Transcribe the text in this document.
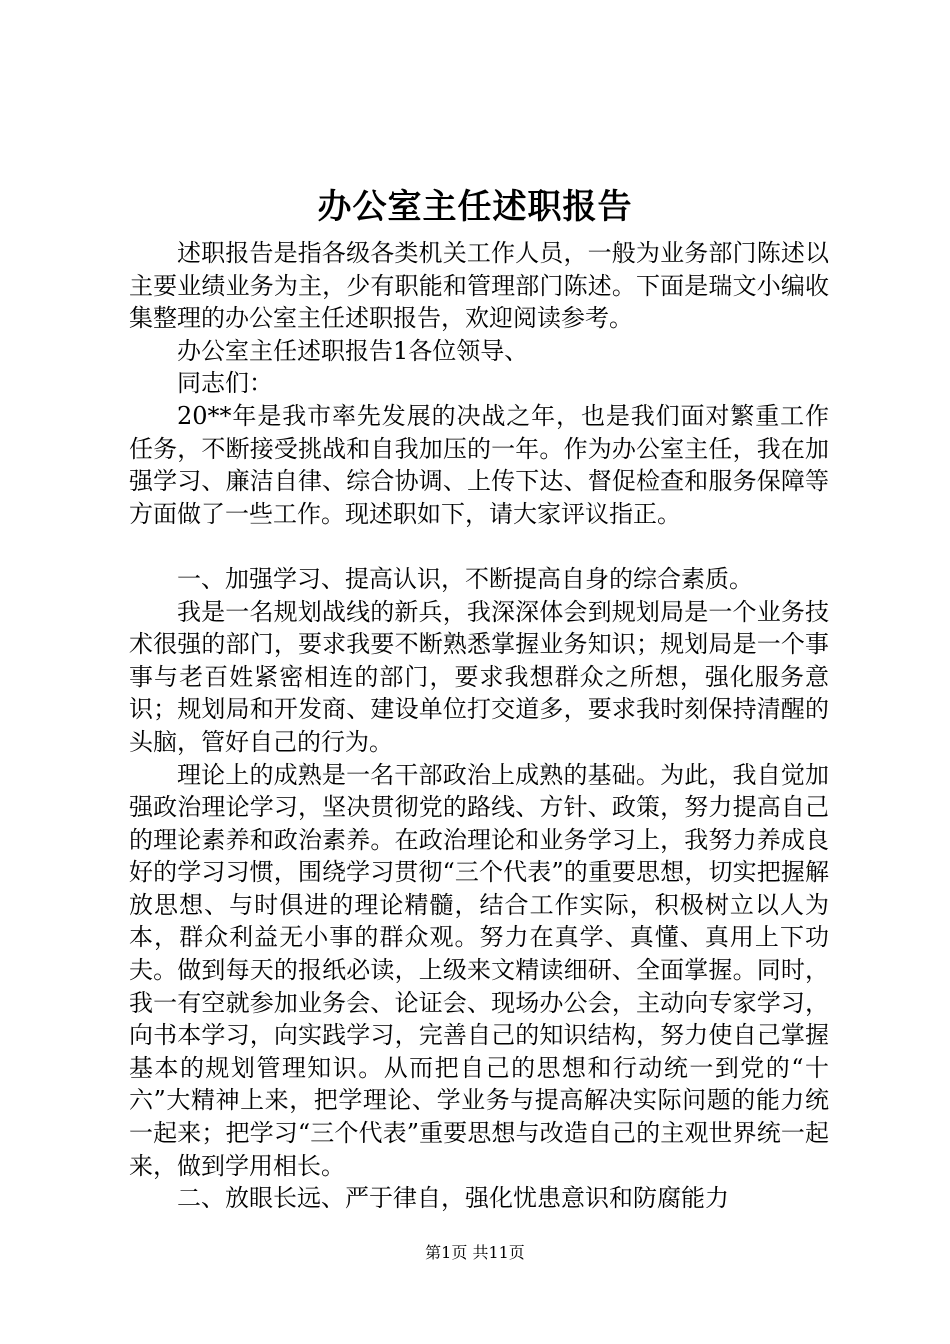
办公室主任述职报告

述职报告是指各级各类机关工作人员，一般为业务部门陈述以主要业绩业务为主，少有职能和管理部门陈述。下面是瑞文小编收集整理的办公室主任述职报告，欢迎阅读参考。

办公室主任述职报告1各位领导、

同志们：

20**年是我市率先发展的决战之年，也是我们面对繁重工作任务，不断接受挑战和自我加压的一年。作为办公室主任，我在加强学习、廉洁自律、综合协调、上传下达、督促检查和服务保障等方面做了一些工作。现述职如下，请大家评议指正。

一、加强学习、提高认识，不断提高自身的综合素质。

我是一名规划战线的新兵，我深深体会到规划局是一个业务技术很强的部门，要求我要不断熟悉掌握业务知识；规划局是一个事事与老百姓紧密相连的部门，要求我想群众之所想，强化服务意识；规划局和开发商、建设单位打交道多，要求我时刻保持清醒的头脑，管好自己的行为。

理论上的成熟是一名干部政治上成熟的基础。为此，我自觉加强政治理论学习，坚决贯彻党的路线、方针、政策，努力提高自己的理论素养和政治素养。在政治理论和业务学习上，我努力养成良好的学习习惯，围绕学习贯彻“三个代表”的重要思想，切实把握解放思想、与时俱进的理论精髓，结合工作实际，积极树立以人为本，群众利益无小事的群众观。努力在真学、真懂、真用上下功夫。做到每天的报纸必读，上级来文精读细研、全面掌握。同时，我一有空就参加业务会、论证会、现场办公会，主动向专家学习，向书本学习，向实践学习，完善自己的知识结构，努力使自己掌握基本的规划管理知识。从而把自己的思想和行动统一到党的“十六”大精神上来，把学理论、学业务与提高解决实际问题的能力统一起来；把学习“三个代表”重要思想与改造自己的主观世界统一起来，做到学用相长。

二、放眼长远、严于律自，强化忧患意识和防腐能力

第1页 共11页
